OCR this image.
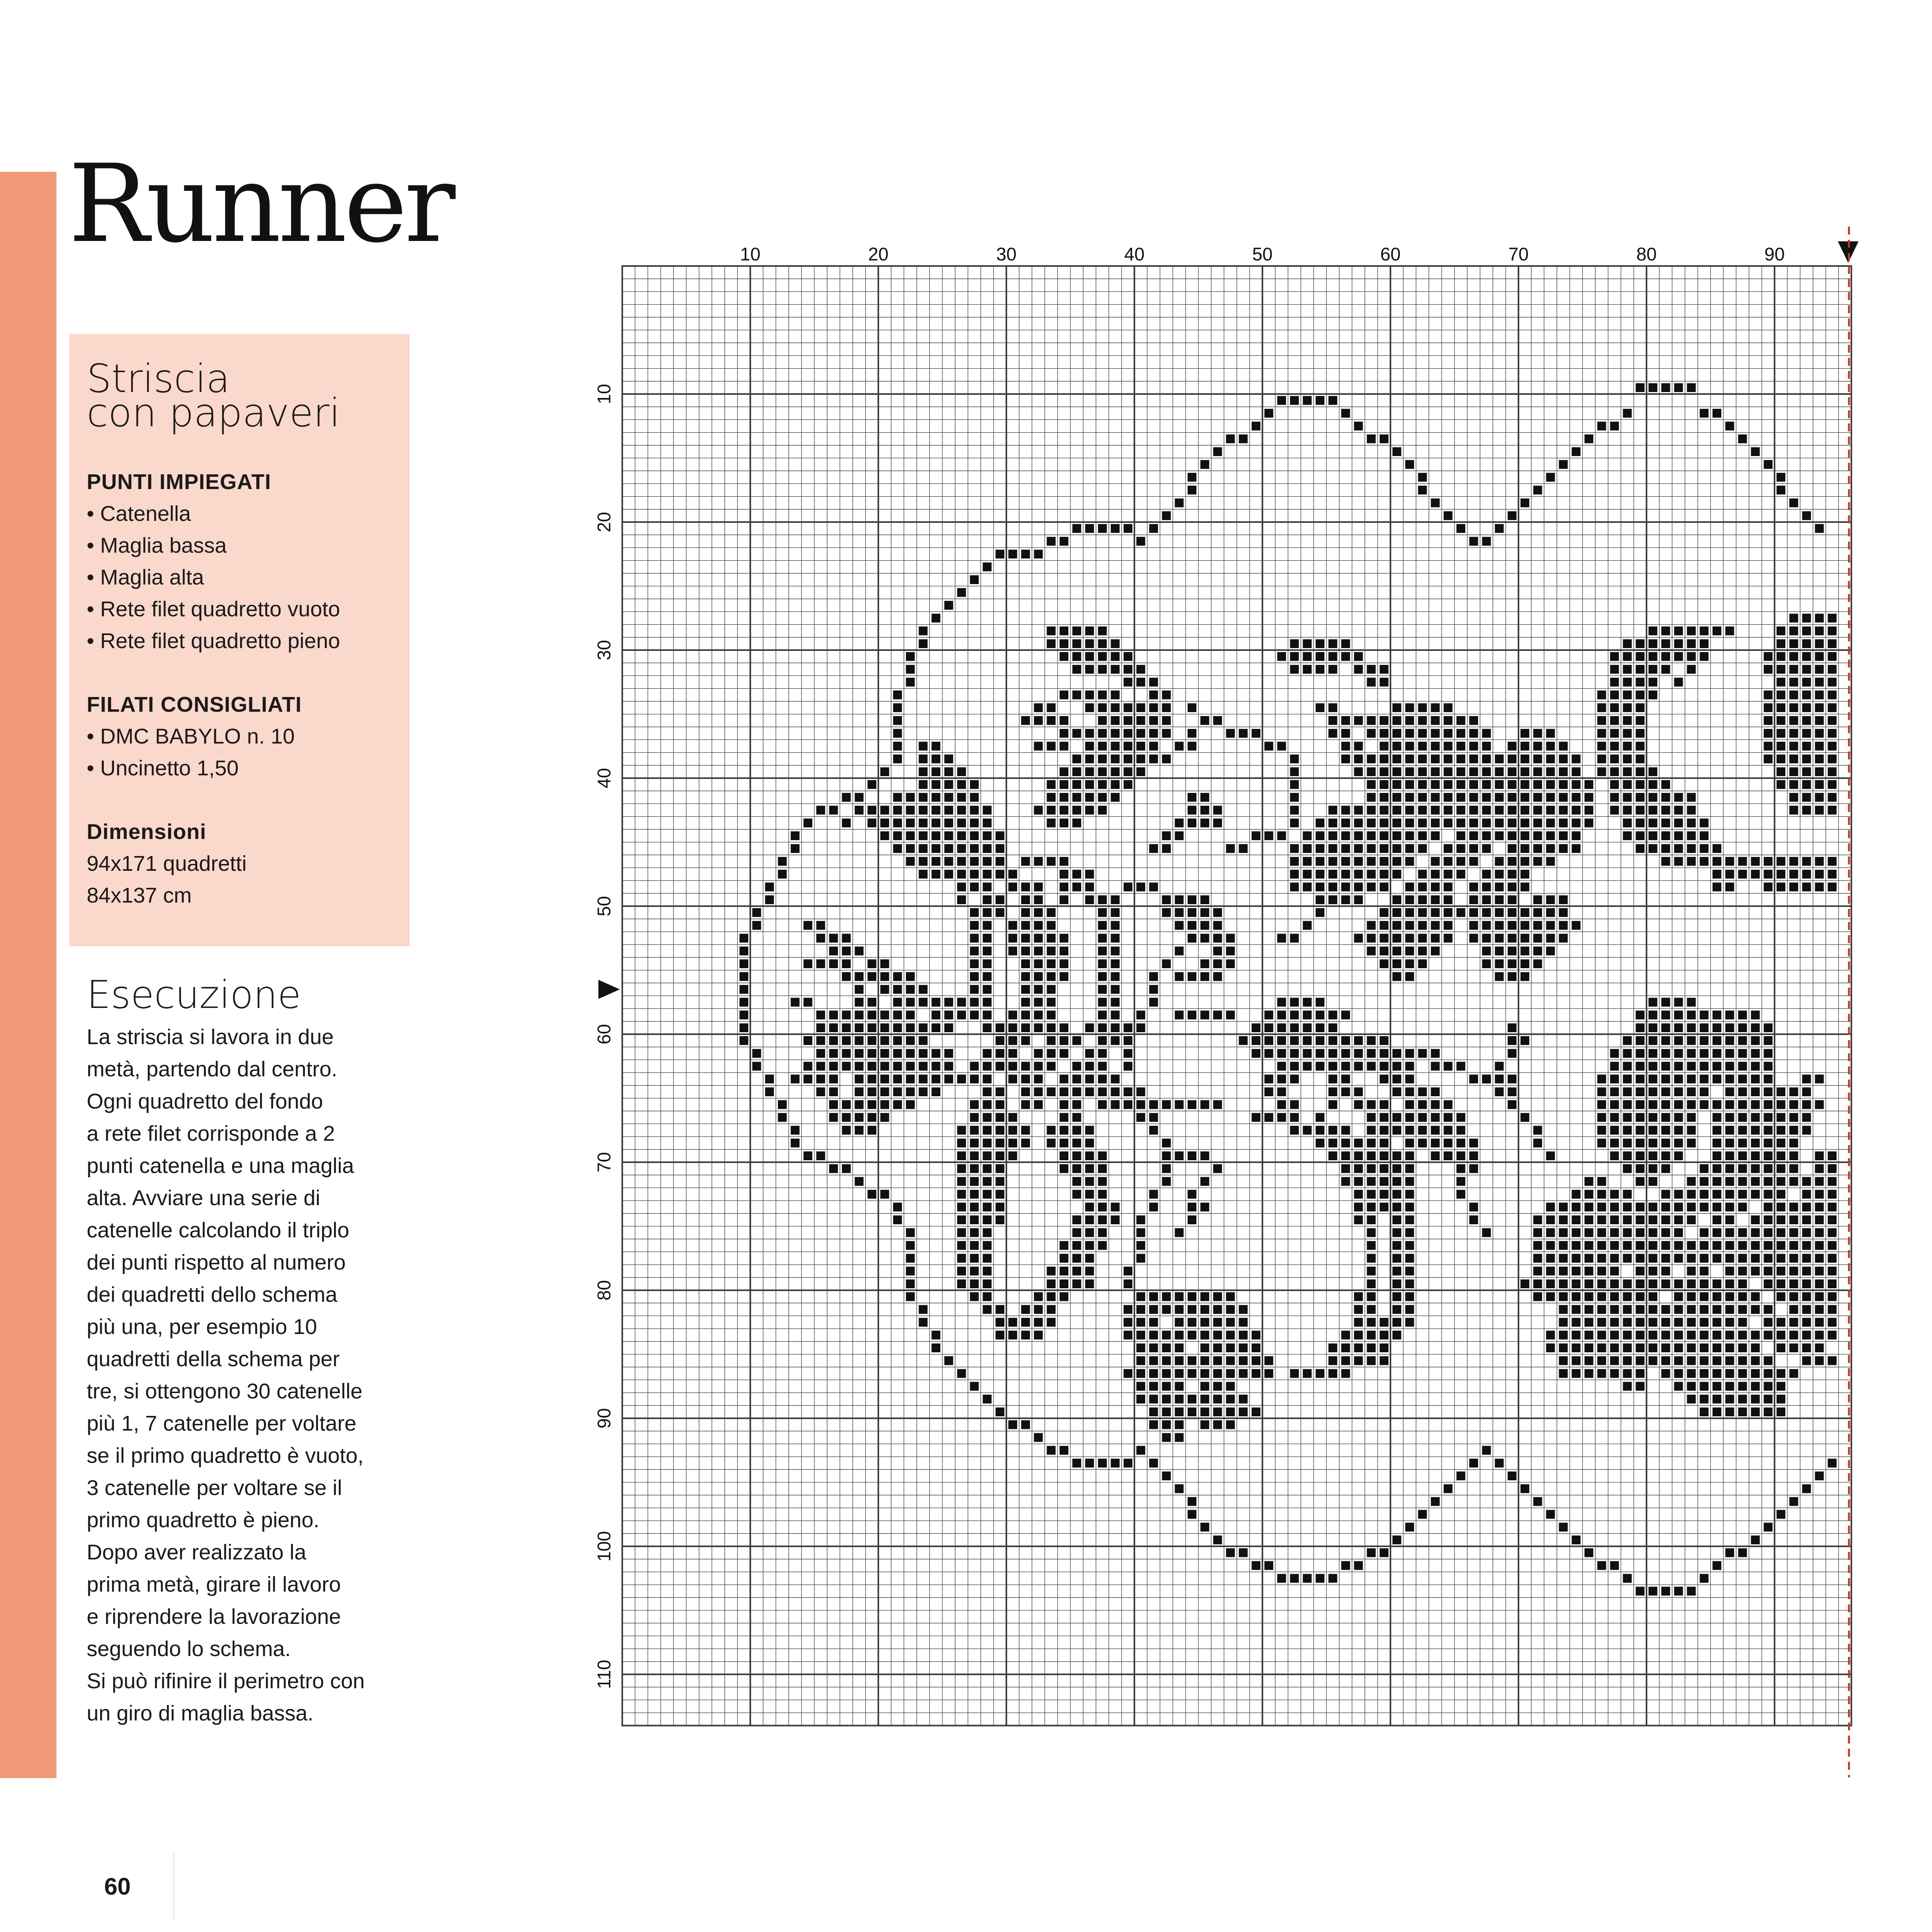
Runner
Striscia
con papaveri
PUNTI IMPIEGATI
• Catenella
• Maglia bassa
• Maglia alta
• Rete filet quadretto vuoto
• Rete filet quadretto pieno
FILATI CONSIGLIATI
• DMC BABYLO n. 10
• Uncinetto 1,50
Dimensioni
94x171 quadretti
84x137 cm
Esecuzione
La striscia si lavora in due
metà, partendo dal centro.
Ogni quadretto del fondo
a rete filet corrisponde a 2
punti catenella e una maglia
alta. Avviare una serie di
catenelle calcolando il triplo
dei punti rispetto al numero
dei quadretti dello schema
più una, per esempio 10
quadretti della schema per
tre, si ottengono 30 catenelle
più 1, 7 catenelle per voltare
se il primo quadretto è vuoto,
3 catenelle per voltare se il
primo quadretto è pieno.
Dopo aver realizzato la
prima metà, girare il lavoro
e riprendere la lavorazione
seguendo lo schema.
Si può rifinire il perimetro con
un giro di maglia bassa.
10	20	30	40	50	60	70	80	90
10
20
30
40
50
60
70
80
90
100
110
60
